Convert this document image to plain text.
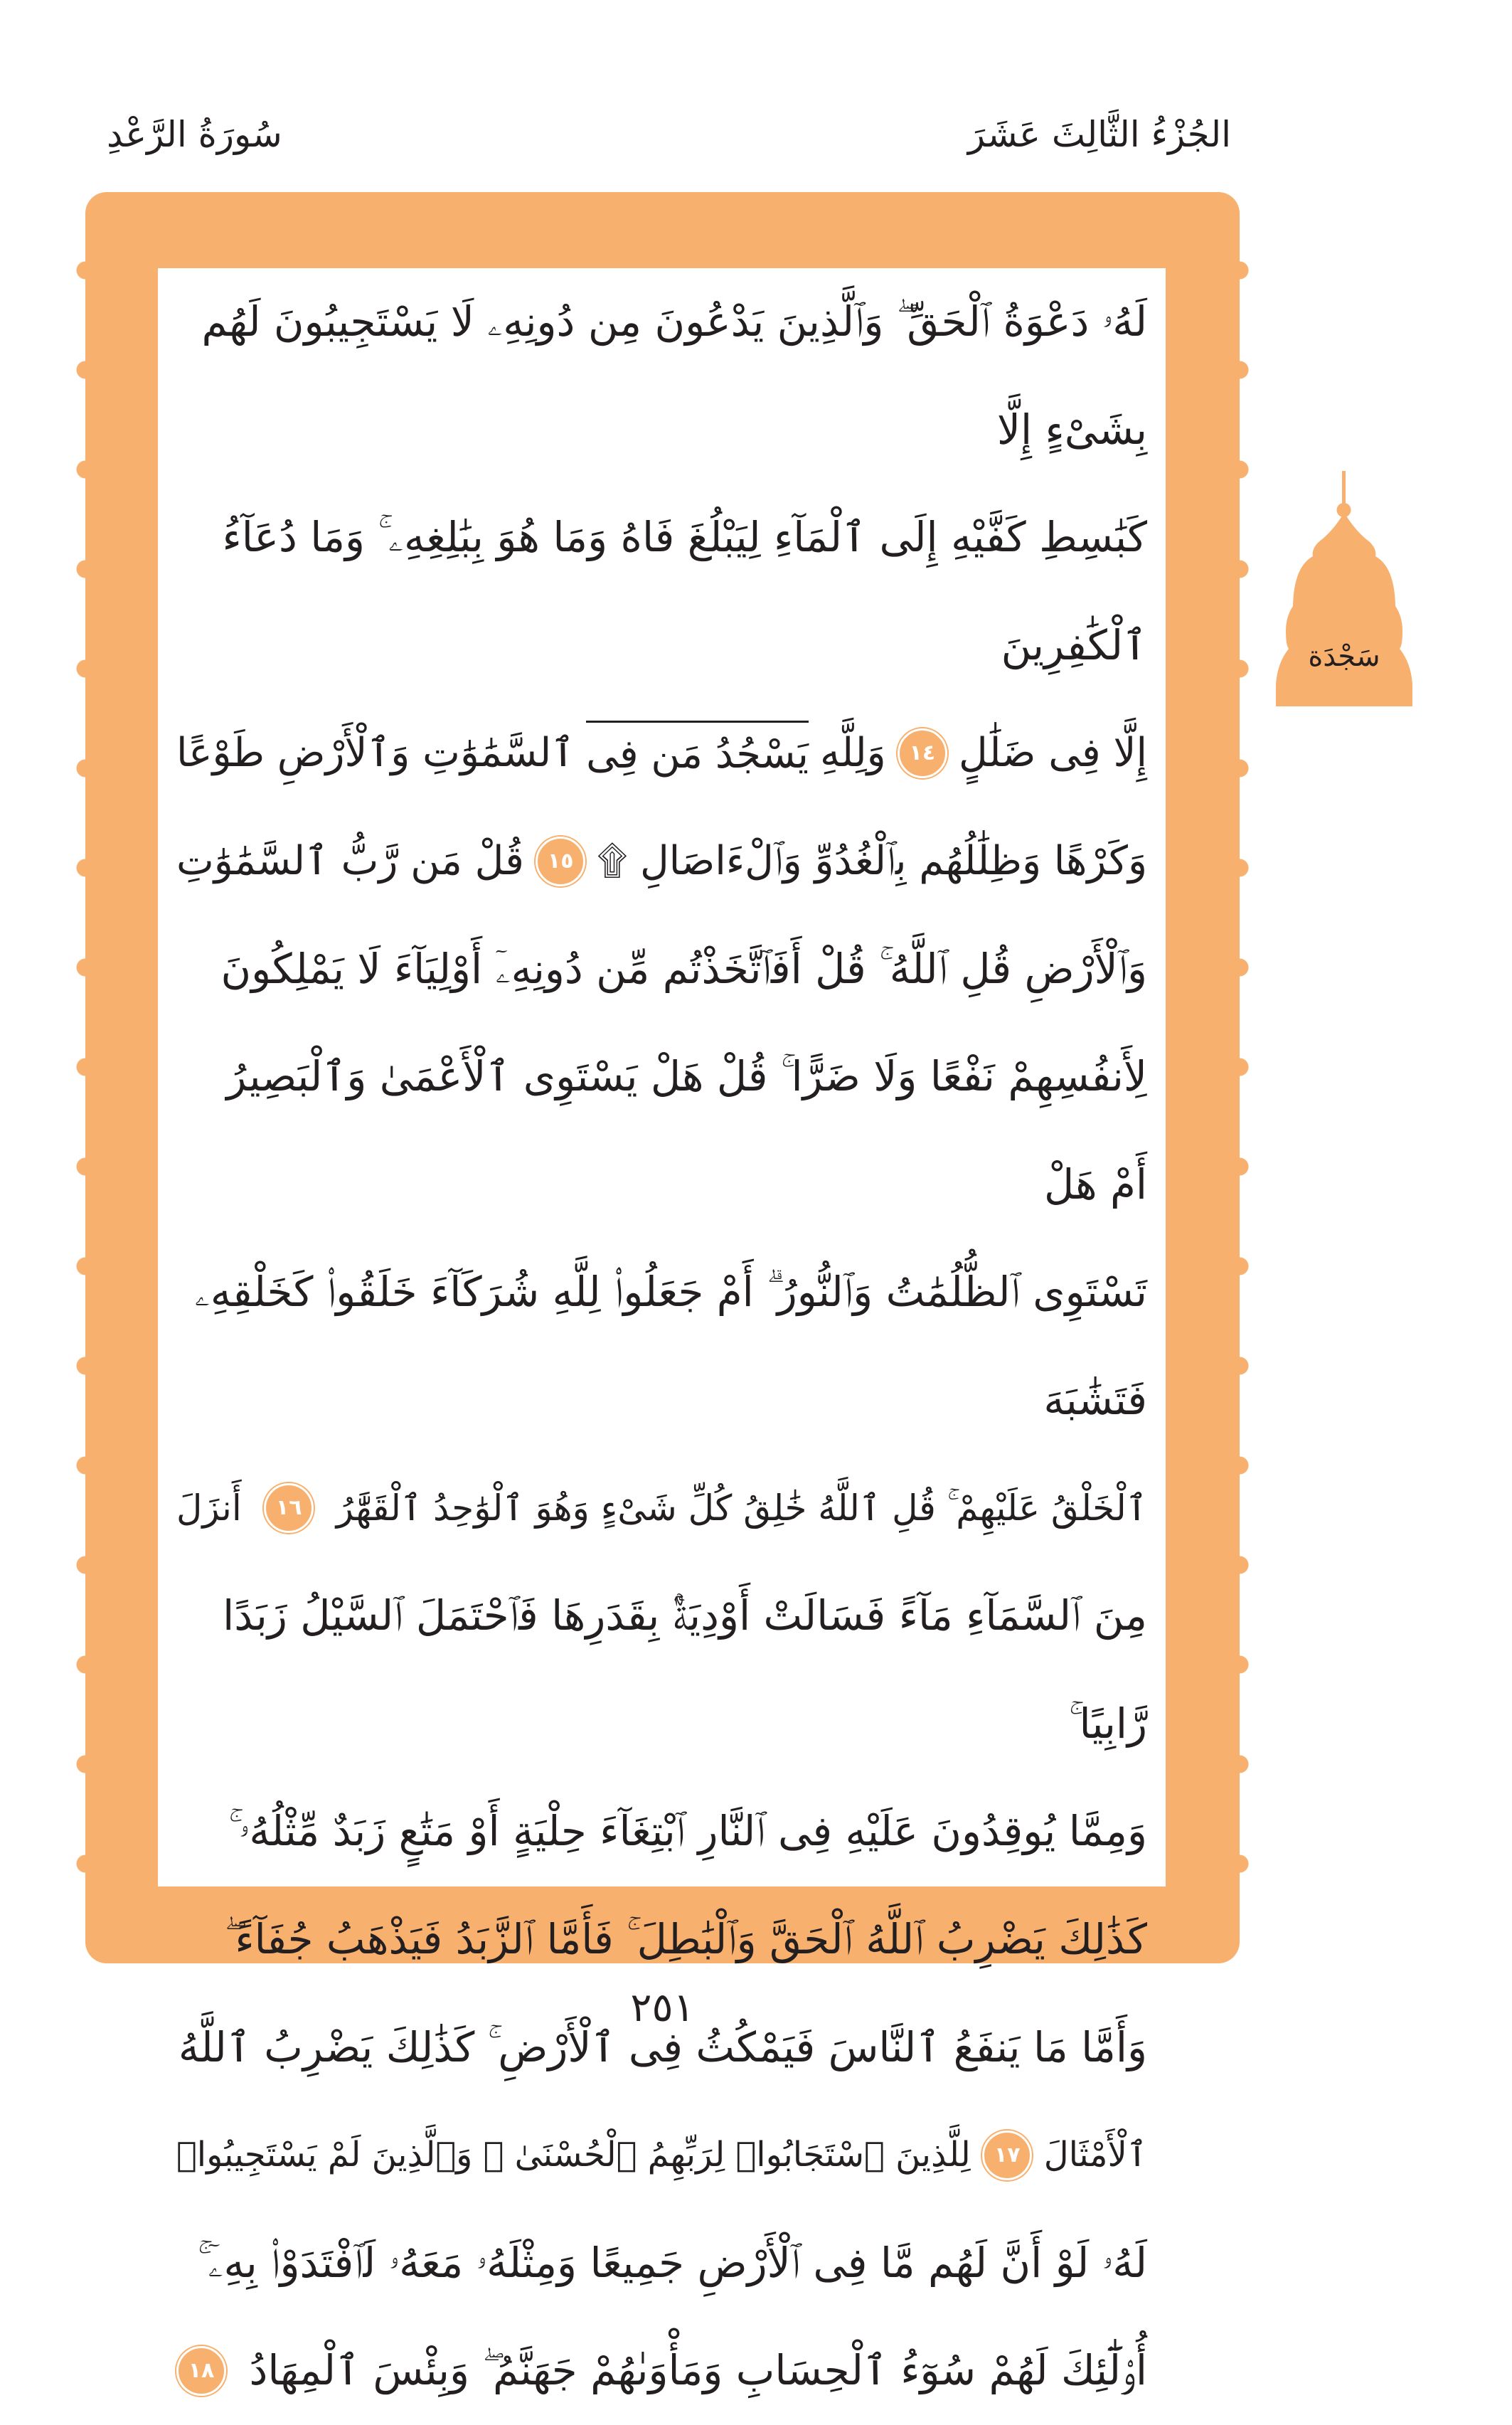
الجُزْءُ الثَّالِثَ عَشَرَ
سُورَةُ الرَّعْدِ
لَهُۥ دَعْوَةُ ٱلْحَقِّ ۖ وَٱلَّذِينَ يَدْعُونَ مِن دُونِهِۦ لَا يَسْتَجِيبُونَ لَهُم بِشَىْءٍ إِلَّا
كَبَٰسِطِ كَفَّيْهِ إِلَى ٱلْمَآءِ لِيَبْلُغَ فَاهُ وَمَا هُوَ بِبَٰلِغِهِۦ ۚ وَمَا دُعَآءُ ٱلْكَٰفِرِينَ
إِلَّا فِى ضَلَٰلٍ
١٤
وَلِلَّهِ
يَسْجُدُ مَن فِى
ٱلسَّمَٰوَٰتِ وَٱلْأَرْضِ طَوْعًا
وَكَرْهًا وَظِلَٰلُهُم بِٱلْغُدُوِّ وَٱلْءَاصَالِ ۩
١٥
قُلْ مَن رَّبُّ ٱلسَّمَٰوَٰتِ
وَٱلْأَرْضِ قُلِ ٱللَّهُ ۚ قُلْ أَفَٱتَّخَذْتُم مِّن دُونِهِۦٓ أَوْلِيَآءَ لَا يَمْلِكُونَ
لِأَنفُسِهِمْ نَفْعًا وَلَا ضَرًّا ۚ قُلْ هَلْ يَسْتَوِى ٱلْأَعْمَىٰ وَٱلْبَصِيرُ أَمْ هَلْ
تَسْتَوِى ٱلظُّلُمَٰتُ وَٱلنُّورُ ۗ أَمْ جَعَلُوا۟ لِلَّهِ شُرَكَآءَ خَلَقُوا۟ كَخَلْقِهِۦ فَتَشَٰبَهَ
ٱلْخَلْقُ عَلَيْهِمْ ۚ قُلِ ٱللَّهُ خَٰلِقُ كُلِّ شَىْءٍ وَهُوَ ٱلْوَٰحِدُ ٱلْقَهَّٰرُ
١٦
أَنزَلَ
مِنَ ٱلسَّمَآءِ مَآءً فَسَالَتْ أَوْدِيَةٌۢ بِقَدَرِهَا فَٱحْتَمَلَ ٱلسَّيْلُ زَبَدًا رَّابِيًا ۚ
وَمِمَّا يُوقِدُونَ عَلَيْهِ فِى ٱلنَّارِ ٱبْتِغَآءَ حِلْيَةٍ أَوْ مَتَٰعٍ زَبَدٌ مِّثْلُهُۥ ۚ
كَذَٰلِكَ يَضْرِبُ ٱللَّهُ ٱلْحَقَّ وَٱلْبَٰطِلَ ۚ فَأَمَّا ٱلزَّبَدُ فَيَذْهَبُ جُفَآءً ۖ
وَأَمَّا مَا يَنفَعُ ٱلنَّاسَ فَيَمْكُثُ فِى ٱلْأَرْضِ ۚ كَذَٰلِكَ يَضْرِبُ ٱللَّهُ
ٱلْأَمْثَالَ
١٧
لِلَّذِينَ ٱسْتَجَابُوا۟ لِرَبِّهِمُ ٱلْحُسْنَىٰ ۚ وَٱلَّذِينَ لَمْ يَسْتَجِيبُوا۟
لَهُۥ لَوْ أَنَّ لَهُم مَّا فِى ٱلْأَرْضِ جَمِيعًا وَمِثْلَهُۥ مَعَهُۥ لَٱفْتَدَوْا۟ بِهِۦٓ ۚ
أُو۟لَٰٓئِكَ لَهُمْ سُوٓءُ ٱلْحِسَابِ وَمَأْوَىٰهُمْ جَهَنَّمُ ۖ وَبِئْسَ ٱلْمِهَادُ
١٨
سَجْدَة
٢٥١
